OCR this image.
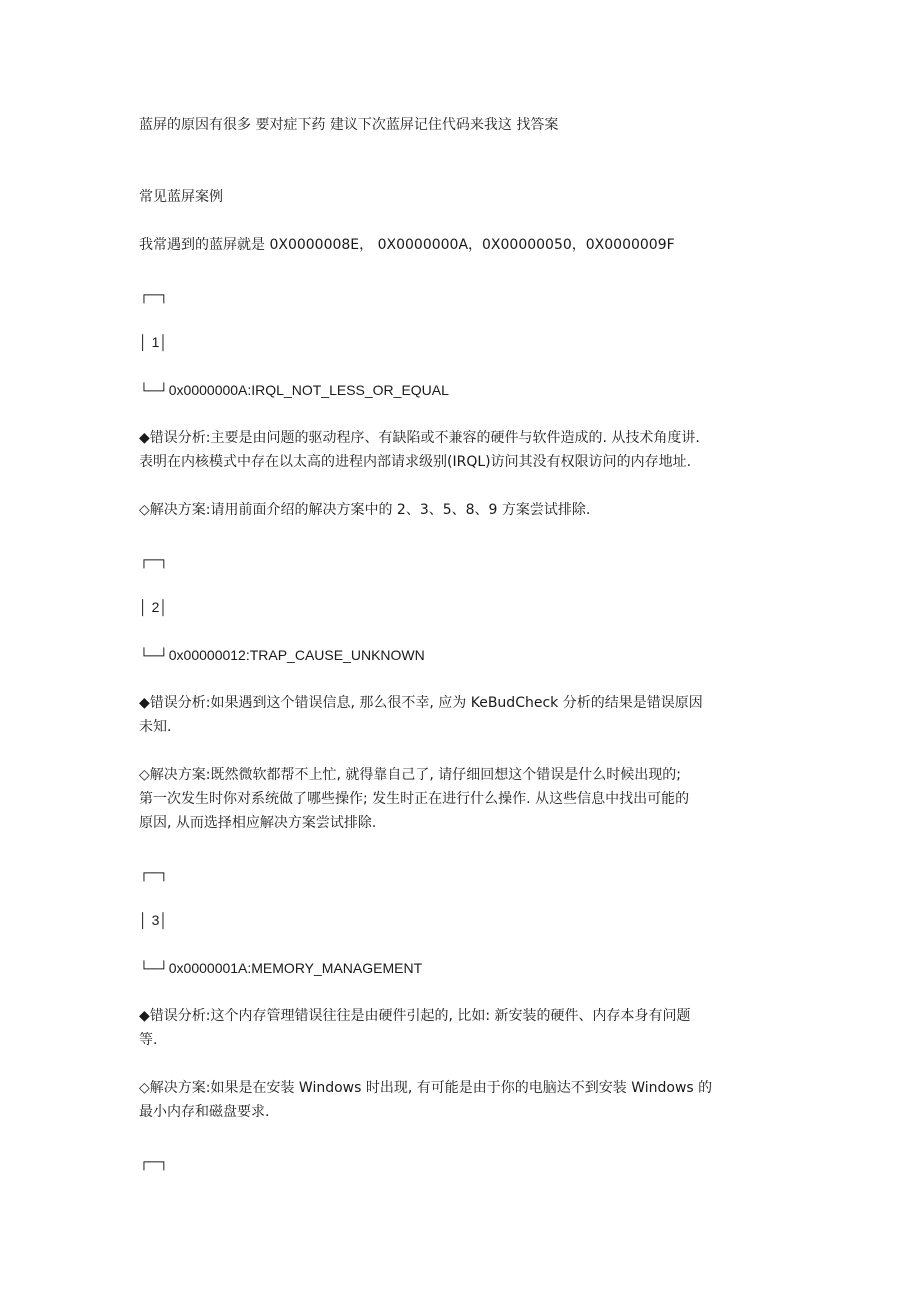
蓝屏的原因有很多 要对症下药 建议下次蓝屏记住代码来我这 找答案
常见蓝屏案例
我常遇到的蓝屏就是 0X0000008E， 0X0000000A，0X00000050，0X0000009F
┌─┐
│ 1│
└─┘0x0000000A:IRQL_NOT_LESS_OR_EQUAL
◆错误分析:主要是由问题的驱动程序、有缺陷或不兼容的硬件与软件造成的. 从技术角度讲.
表明在内核模式中存在以太高的进程内部请求级别(IRQL)访问其没有权限访问的内存地址.
◇解决方案:请用前面介绍的解决方案中的 2、3、5、8、9 方案尝试排除.
┌─┐
│ 2│
└─┘0x00000012:TRAP_CAUSE_UNKNOWN
◆错误分析:如果遇到这个错误信息, 那么很不幸, 应为 KeBudCheck 分析的结果是错误原因
未知.
◇解决方案:既然微软都帮不上忙, 就得靠自己了, 请仔细回想这个错误是什么时候出现的;
第一次发生时你对系统做了哪些操作; 发生时正在进行什么操作. 从这些信息中找出可能的
原因, 从而选择相应解决方案尝试排除.
┌─┐
│ 3│
└─┘0x0000001A:MEMORY_MANAGEMENT
◆错误分析:这个内存管理错误往往是由硬件引起的, 比如: 新安装的硬件、内存本身有问题
等.
◇解决方案:如果是在安装 Windows 时出现, 有可能是由于你的电脑达不到安装 Windows 的
最小内存和磁盘要求.
┌─┐
